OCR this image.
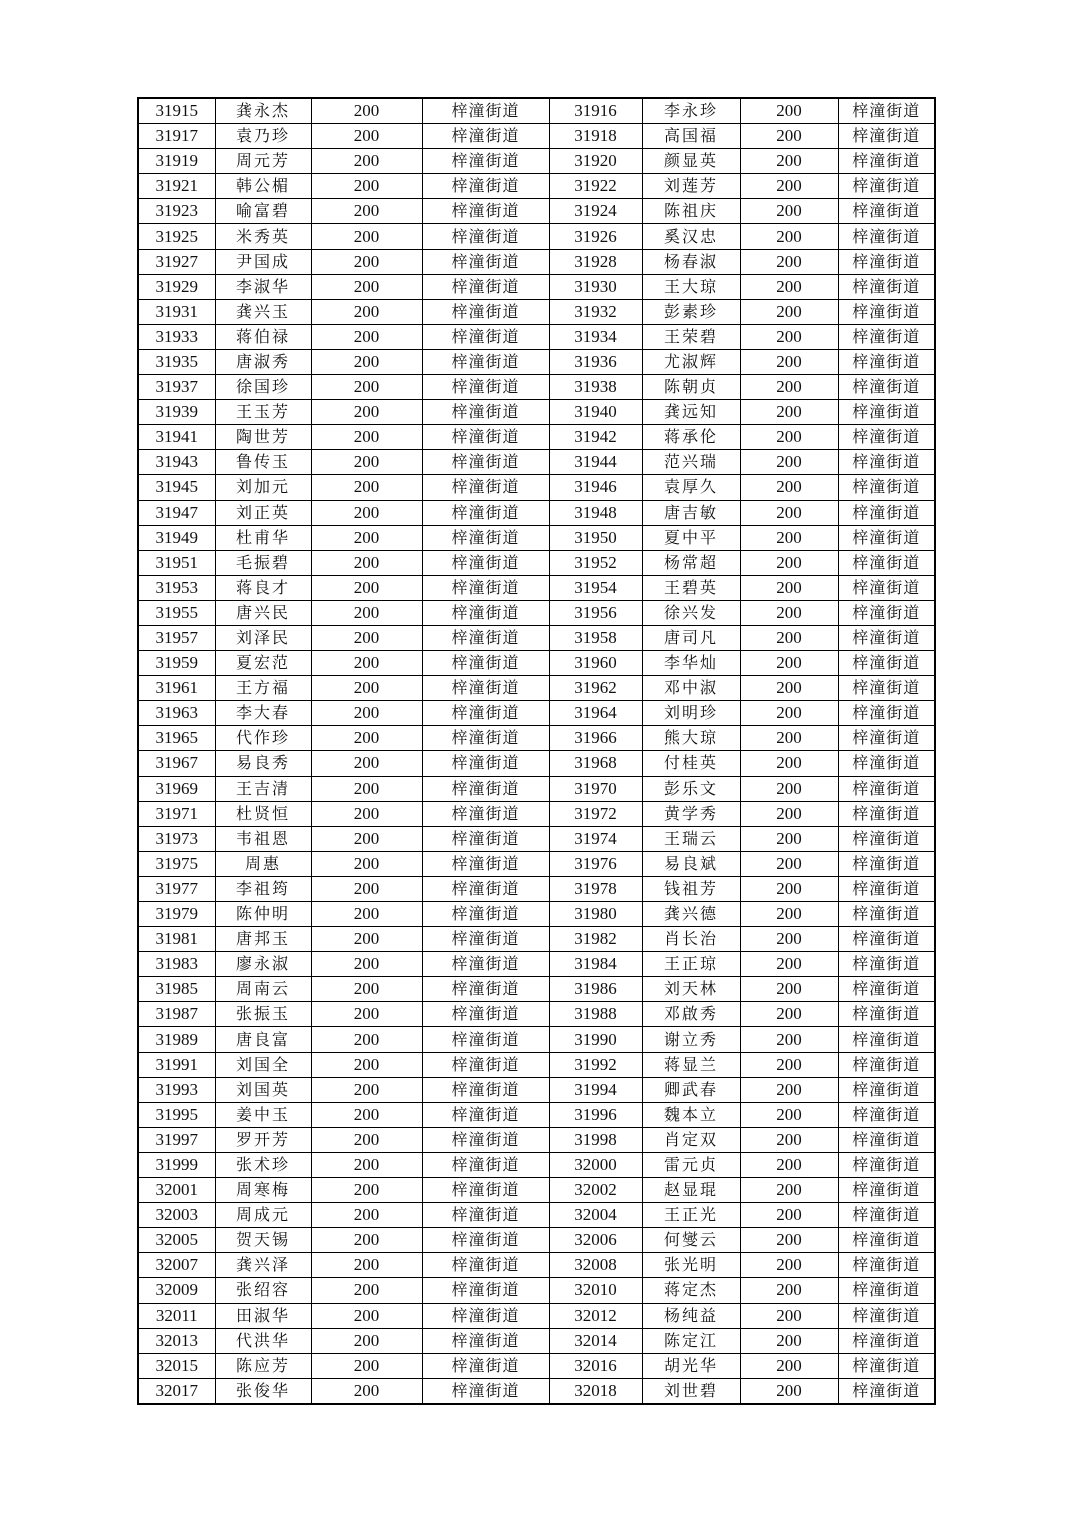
31915	龚永杰	200	梓潼街道	31916	李永珍	200	梓潼街道
31917	袁乃珍	200	梓潼街道	31918	高国福	200	梓潼街道
31919	周元芳	200	梓潼街道	31920	颜显英	200	梓潼街道
31921	韩公楣	200	梓潼街道	31922	刘莲芳	200	梓潼街道
31923	喻富碧	200	梓潼街道	31924	陈祖庆	200	梓潼街道
31925	米秀英	200	梓潼街道	31926	奚汉忠	200	梓潼街道
31927	尹国成	200	梓潼街道	31928	杨春淑	200	梓潼街道
31929	李淑华	200	梓潼街道	31930	王大琼	200	梓潼街道
31931	龚兴玉	200	梓潼街道	31932	彭素珍	200	梓潼街道
31933	蒋伯禄	200	梓潼街道	31934	王荣碧	200	梓潼街道
31935	唐淑秀	200	梓潼街道	31936	尤淑辉	200	梓潼街道
31937	徐国珍	200	梓潼街道	31938	陈朝贞	200	梓潼街道
31939	王玉芳	200	梓潼街道	31940	龚远知	200	梓潼街道
31941	陶世芳	200	梓潼街道	31942	蒋承伦	200	梓潼街道
31943	鲁传玉	200	梓潼街道	31944	范兴瑞	200	梓潼街道
31945	刘加元	200	梓潼街道	31946	袁厚久	200	梓潼街道
31947	刘正英	200	梓潼街道	31948	唐吉敏	200	梓潼街道
31949	杜甫华	200	梓潼街道	31950	夏中平	200	梓潼街道
31951	毛振碧	200	梓潼街道	31952	杨常超	200	梓潼街道
31953	蒋良才	200	梓潼街道	31954	王碧英	200	梓潼街道
31955	唐兴民	200	梓潼街道	31956	徐兴发	200	梓潼街道
31957	刘泽民	200	梓潼街道	31958	唐司凡	200	梓潼街道
31959	夏宏范	200	梓潼街道	31960	李华灿	200	梓潼街道
31961	王方福	200	梓潼街道	31962	邓中淑	200	梓潼街道
31963	李大春	200	梓潼街道	31964	刘明珍	200	梓潼街道
31965	代作珍	200	梓潼街道	31966	熊大琼	200	梓潼街道
31967	易良秀	200	梓潼街道	31968	付桂英	200	梓潼街道
31969	王吉清	200	梓潼街道	31970	彭乐文	200	梓潼街道
31971	杜贤恒	200	梓潼街道	31972	黄学秀	200	梓潼街道
31973	韦祖恩	200	梓潼街道	31974	王瑞云	200	梓潼街道
31975	周惠	200	梓潼街道	31976	易良斌	200	梓潼街道
31977	李祖筠	200	梓潼街道	31978	钱祖芳	200	梓潼街道
31979	陈仲明	200	梓潼街道	31980	龚兴德	200	梓潼街道
31981	唐邦玉	200	梓潼街道	31982	肖长治	200	梓潼街道
31983	廖永淑	200	梓潼街道	31984	王正琼	200	梓潼街道
31985	周南云	200	梓潼街道	31986	刘天林	200	梓潼街道
31987	张振玉	200	梓潼街道	31988	邓啟秀	200	梓潼街道
31989	唐良富	200	梓潼街道	31990	谢立秀	200	梓潼街道
31991	刘国全	200	梓潼街道	31992	蒋显兰	200	梓潼街道
31993	刘国英	200	梓潼街道	31994	卿武春	200	梓潼街道
31995	姜中玉	200	梓潼街道	31996	魏本立	200	梓潼街道
31997	罗开芳	200	梓潼街道	31998	肖定双	200	梓潼街道
31999	张术珍	200	梓潼街道	32000	雷元贞	200	梓潼街道
32001	周寒梅	200	梓潼街道	32002	赵显琨	200	梓潼街道
32003	周成元	200	梓潼街道	32004	王正光	200	梓潼街道
32005	贺天锡	200	梓潼街道	32006	何燮云	200	梓潼街道
32007	龚兴泽	200	梓潼街道	32008	张光明	200	梓潼街道
32009	张绍容	200	梓潼街道	32010	蒋定杰	200	梓潼街道
32011	田淑华	200	梓潼街道	32012	杨纯益	200	梓潼街道
32013	代洪华	200	梓潼街道	32014	陈定江	200	梓潼街道
32015	陈应芳	200	梓潼街道	32016	胡光华	200	梓潼街道
32017	张俊华	200	梓潼街道	32018	刘世碧	200	梓潼街道
